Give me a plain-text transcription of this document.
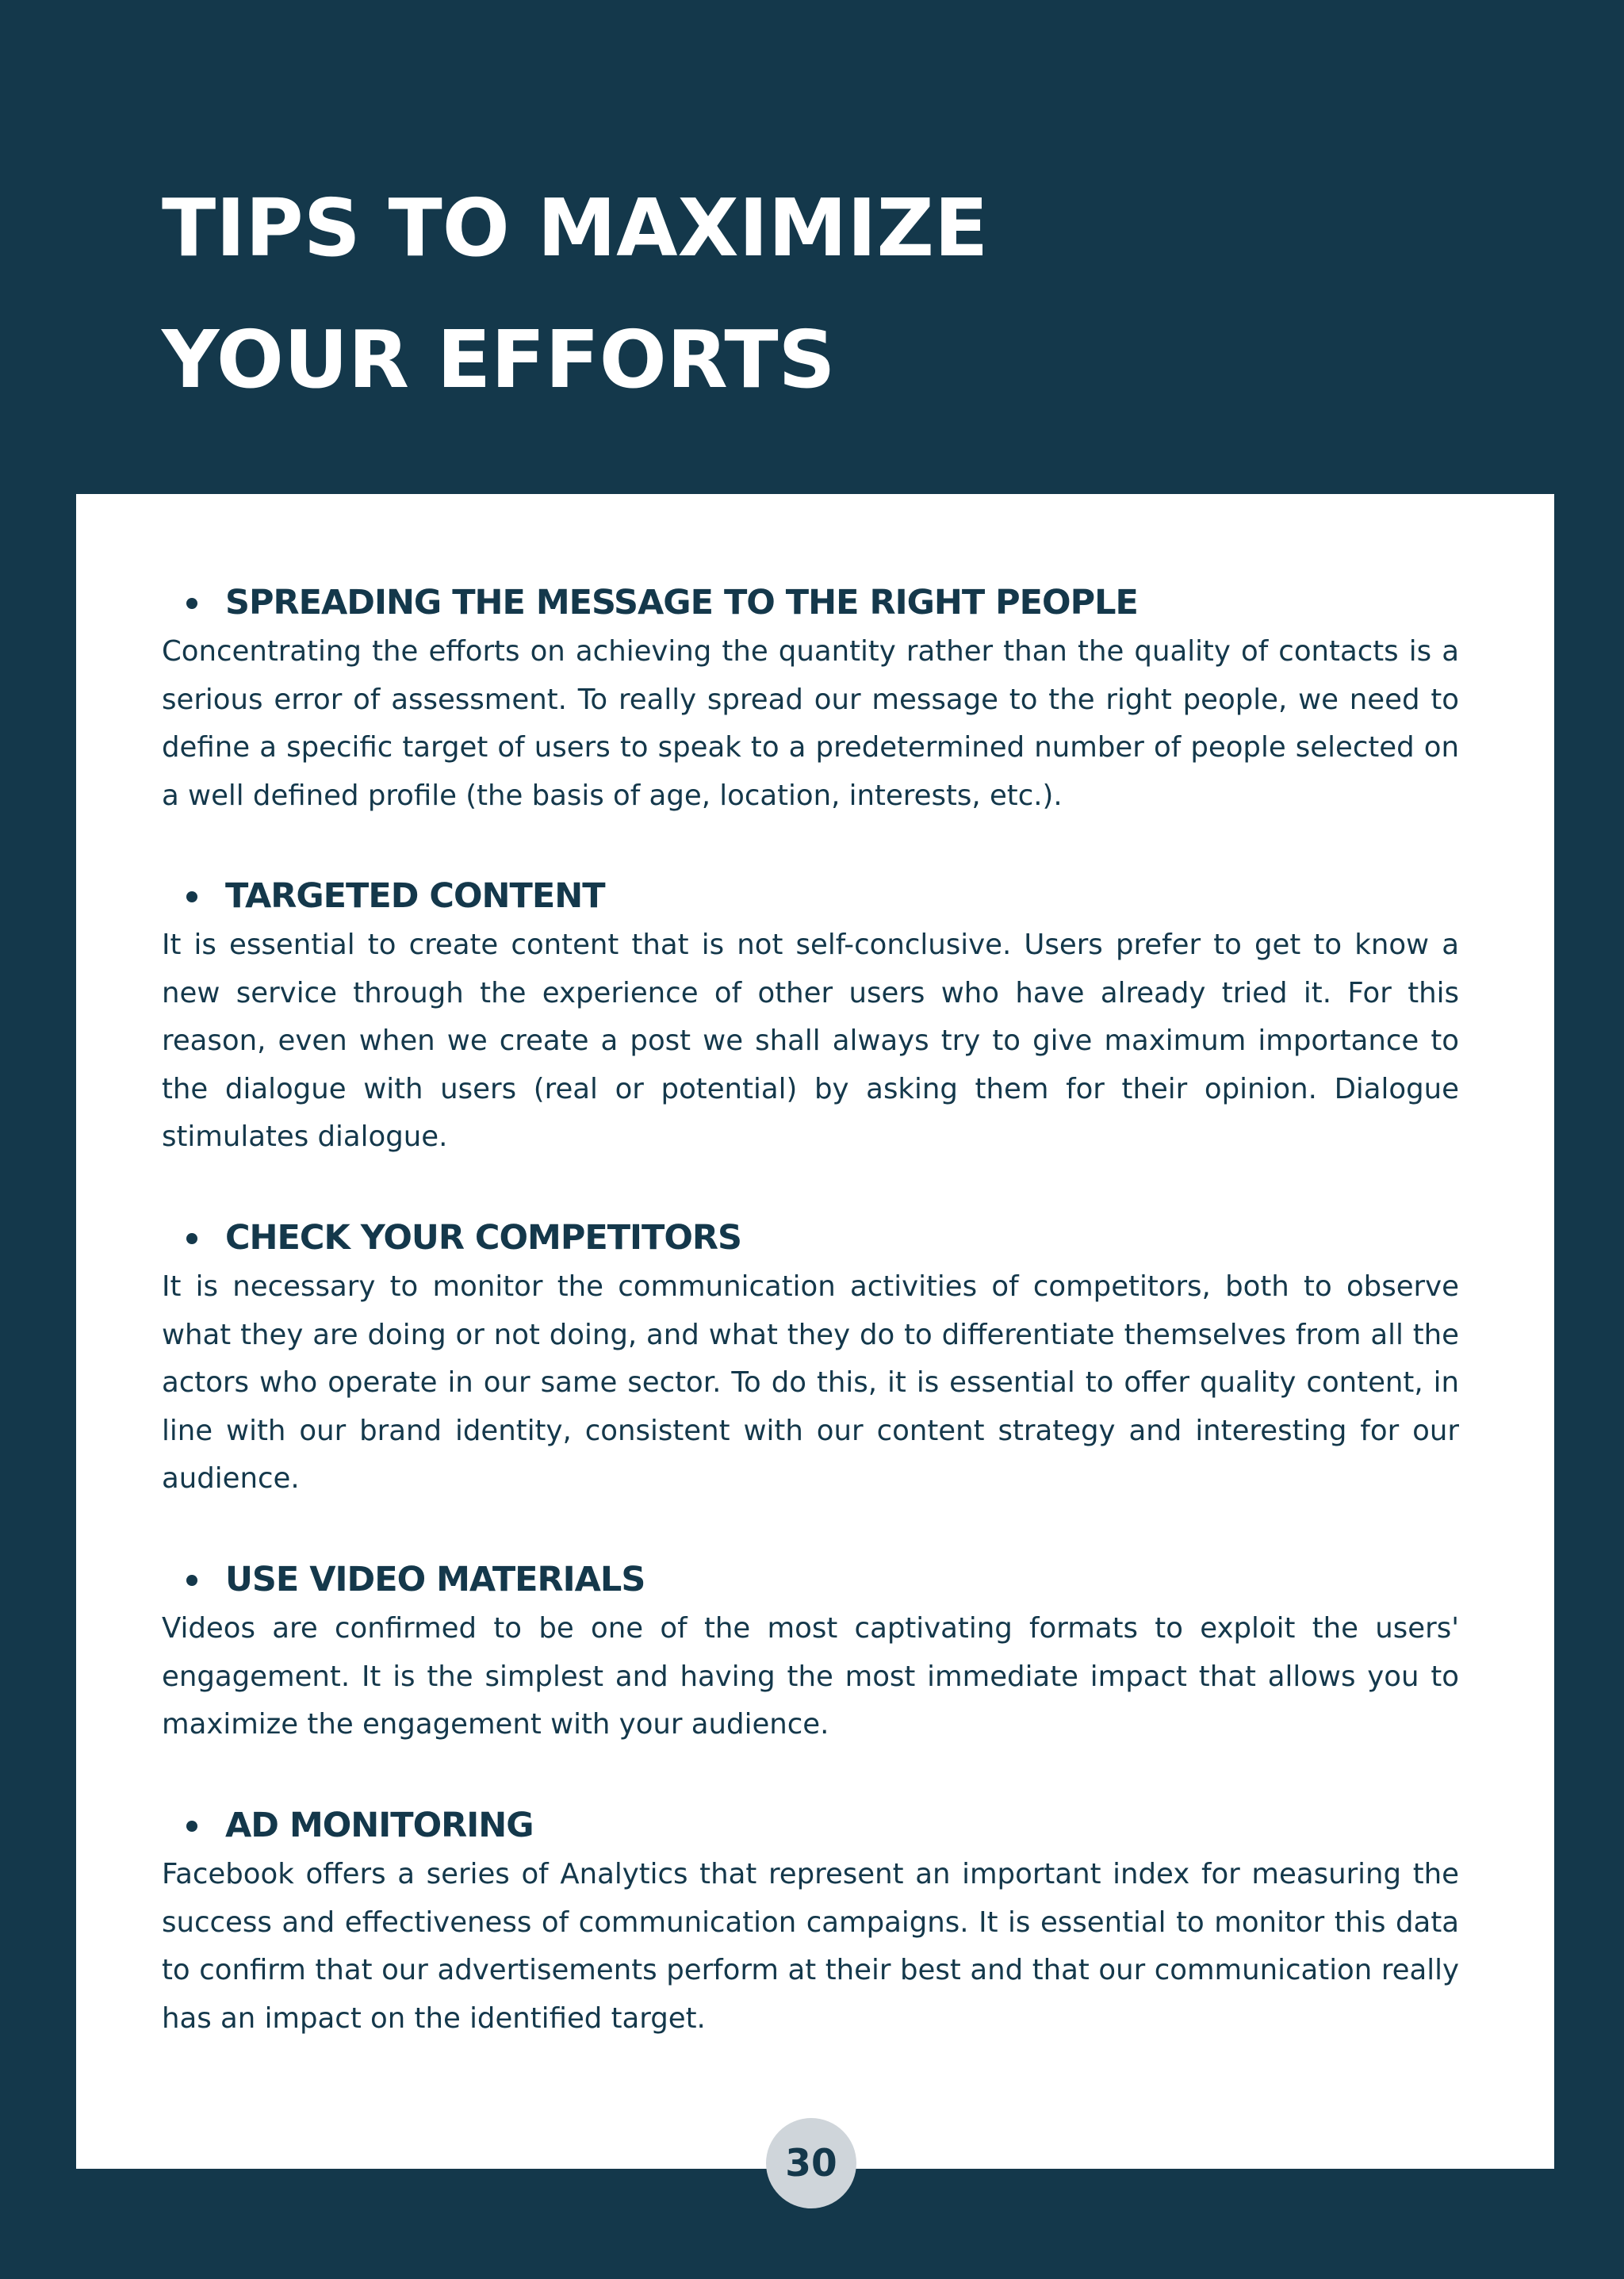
TIPS TO MAXIMIZE
YOUR EFFORTS
SPREADING THE MESSAGE TO THE RIGHT PEOPLE

Concentrating the efforts on achieving the quantity rather than the quality of contacts is a serious error of assessment. To really spread our message to the right people, we need to define a specific target of users to speak to a predetermined number of people selected on a well defined profile (the basis of age, location, interests, etc.).

TARGETED CONTENT

It is essential to create content that is not self-conclusive. Users prefer to get to know a new service through the experience of other users who have already tried it. For this reason, even when we create a post we shall always try to give maximum importance to the dialogue with users (real or potential) by asking them for their opinion. Dialogue stimulates dialogue.

CHECK YOUR COMPETITORS

It is necessary to monitor the communication activities of competitors, both to observe what they are doing or not doing, and what they do to differentiate themselves from all the actors who operate in our same sector. To do this, it is essential to offer quality content, in line with our brand identity, consistent with our content strategy and interesting for our audience.

USE VIDEO MATERIALS

Videos are confirmed to be one of the most captivating formats to exploit the users' engagement. It is the simplest and having the most immediate impact that allows you to maximize the engagement with your audience.

AD MONITORING

Facebook offers a series of Analytics that represent an important index for measuring the success and effectiveness of communication campaigns. It is essential to monitor this data to confirm that our advertisements perform at their best and that our communication really has an impact on the identified target.

30
